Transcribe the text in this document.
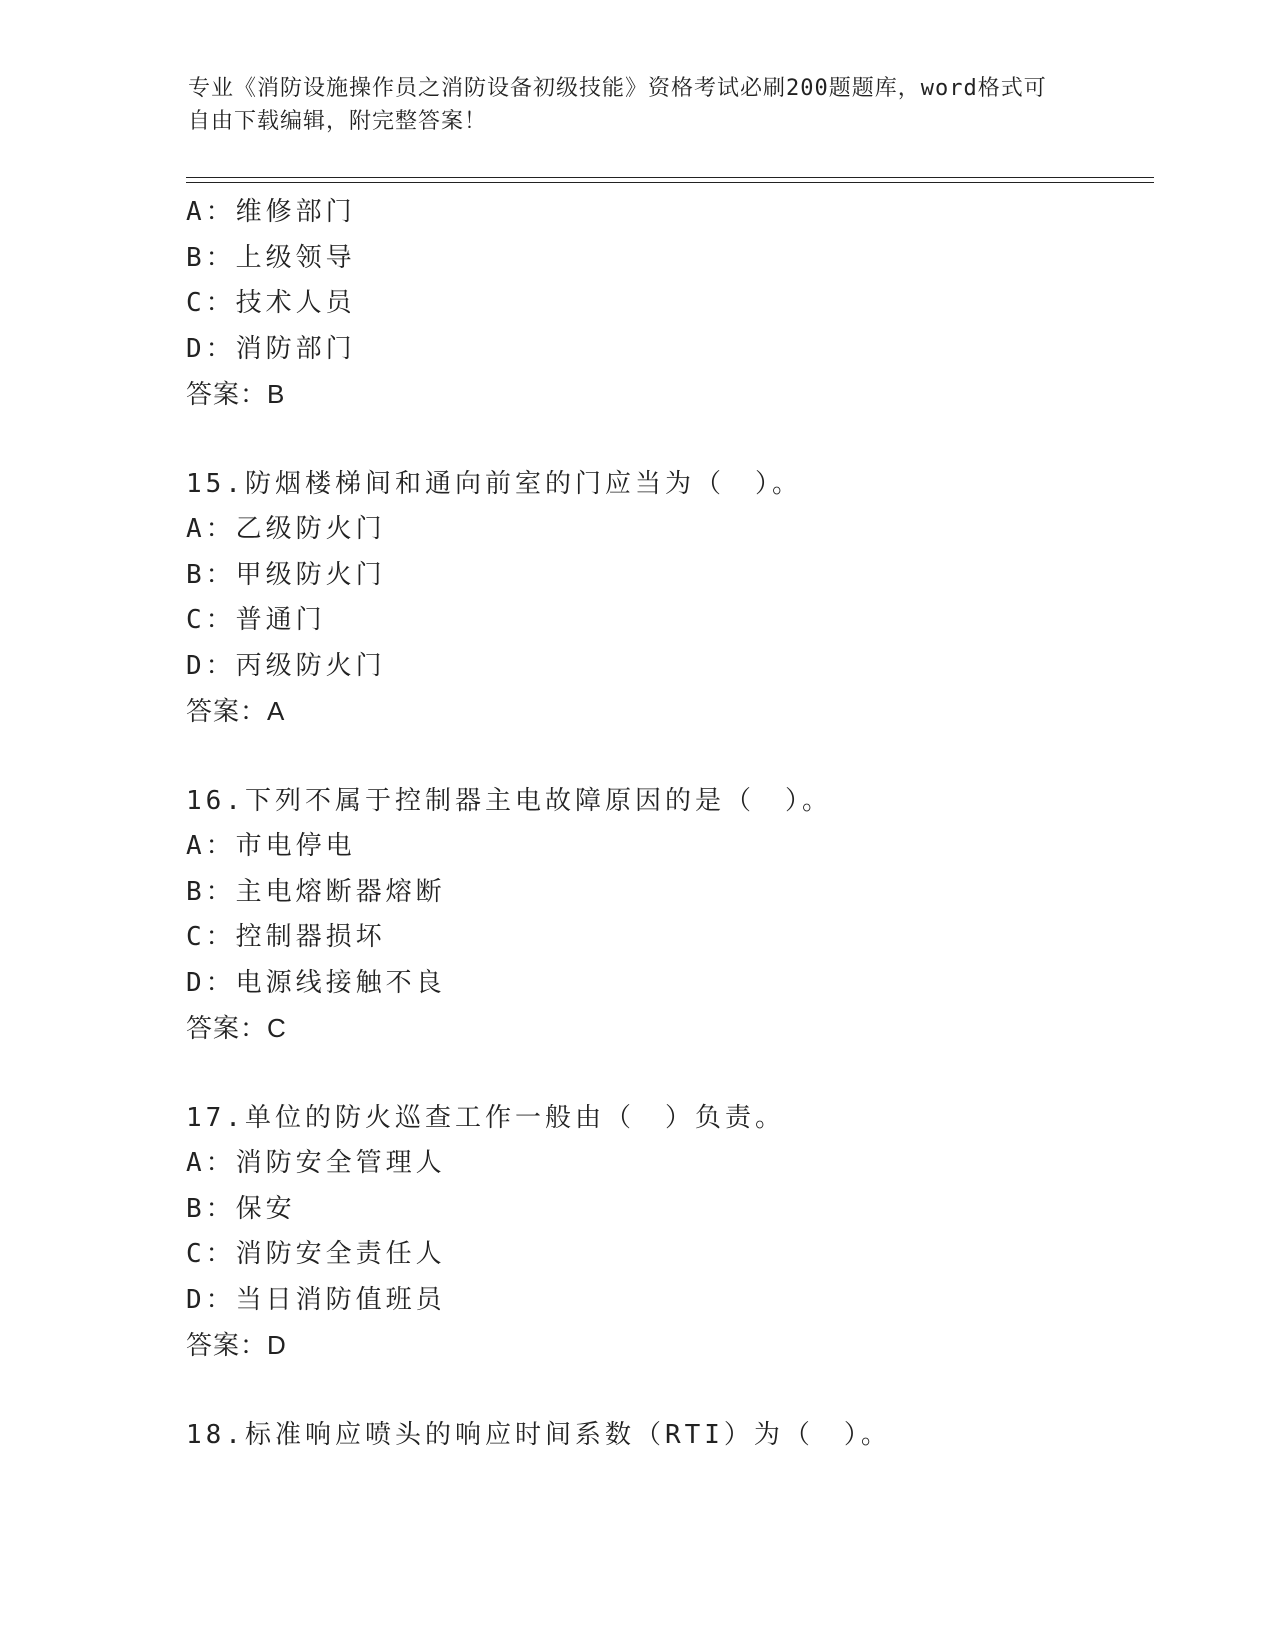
专业《消防设施操作员之消防设备初级技能》资格考试必刷200题题库，word格式可自由下载编辑，附完整答案！
A：维修部门
B：上级领导
C：技术人员
D：消防部门
答案：B
15.防烟楼梯间和通向前室的门应当为（　）。
A：乙级防火门
B：甲级防火门
C：普通门
D：丙级防火门
答案：A
16.下列不属于控制器主电故障原因的是（　）。
A：市电停电
B：主电熔断器熔断
C：控制器损坏
D：电源线接触不良
答案：C
17.单位的防火巡查工作一般由（　）负责。
A：消防安全管理人
B：保安
C：消防安全责任人
D：当日消防值班员
答案：D
18.标准响应喷头的响应时间系数（RTI）为（　）。
